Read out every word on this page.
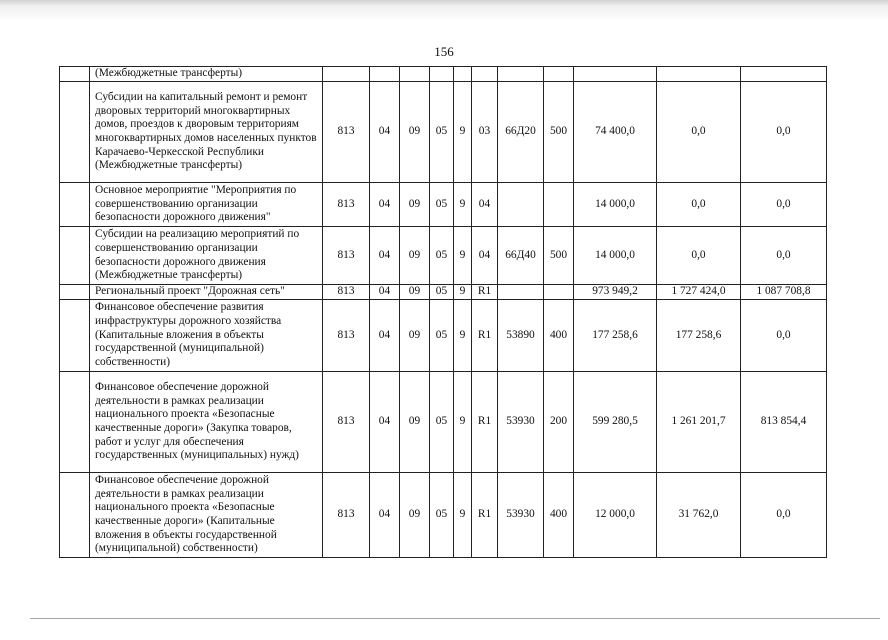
156
	(Межбюджетные трансферты)											
	Субсидии на капитальный ремонт и ремонт дворовых территорий многоквартирных домов, проездов к дворовым территориям многоквартирных домов населенных пунктов Карачаево-Черкесской Республики (Межбюджетные трансферты)	813	04	09	05	9	03	66Д20	500	74 400,0	0,0	0,0
	Основное мероприятие "Мероприятия по совершенствованию организации безопасности дорожного движения"	813	04	09	05	9	04			14 000,0	0,0	0,0
	Субсидии на реализацию мероприятий по совершенствованию организации безопасности дорожного движения (Межбюджетные трансферты)	813	04	09	05	9	04	66Д40	500	14 000,0	0,0	0,0
	Региональный проект "Дорожная сеть"	813	04	09	05	9	R1			973 949,2	1 727 424,0	1 087 708,8
	Финансовое обеспечение развития инфраструктуры дорожного хозяйства (Капитальные вложения в объекты государственной (муниципальной) собственности)	813	04	09	05	9	R1	53890	400	177 258,6	177 258,6	0,0
	Финансовое обеспечение дорожной деятельности в рамках реализации национального проекта «Безопасные качественные дороги» (Закупка товаров, работ и услуг для обеспечения государственных (муниципальных) нужд)	813	04	09	05	9	R1	53930	200	599 280,5	1 261 201,7	813 854,4
	Финансовое обеспечение дорожной деятельности в рамках реализации национального проекта «Безопасные качественные дороги» (Капитальные вложения в объекты государственной (муниципальной) собственности)	813	04	09	05	9	R1	53930	400	12 000,0	31 762,0	0,0
